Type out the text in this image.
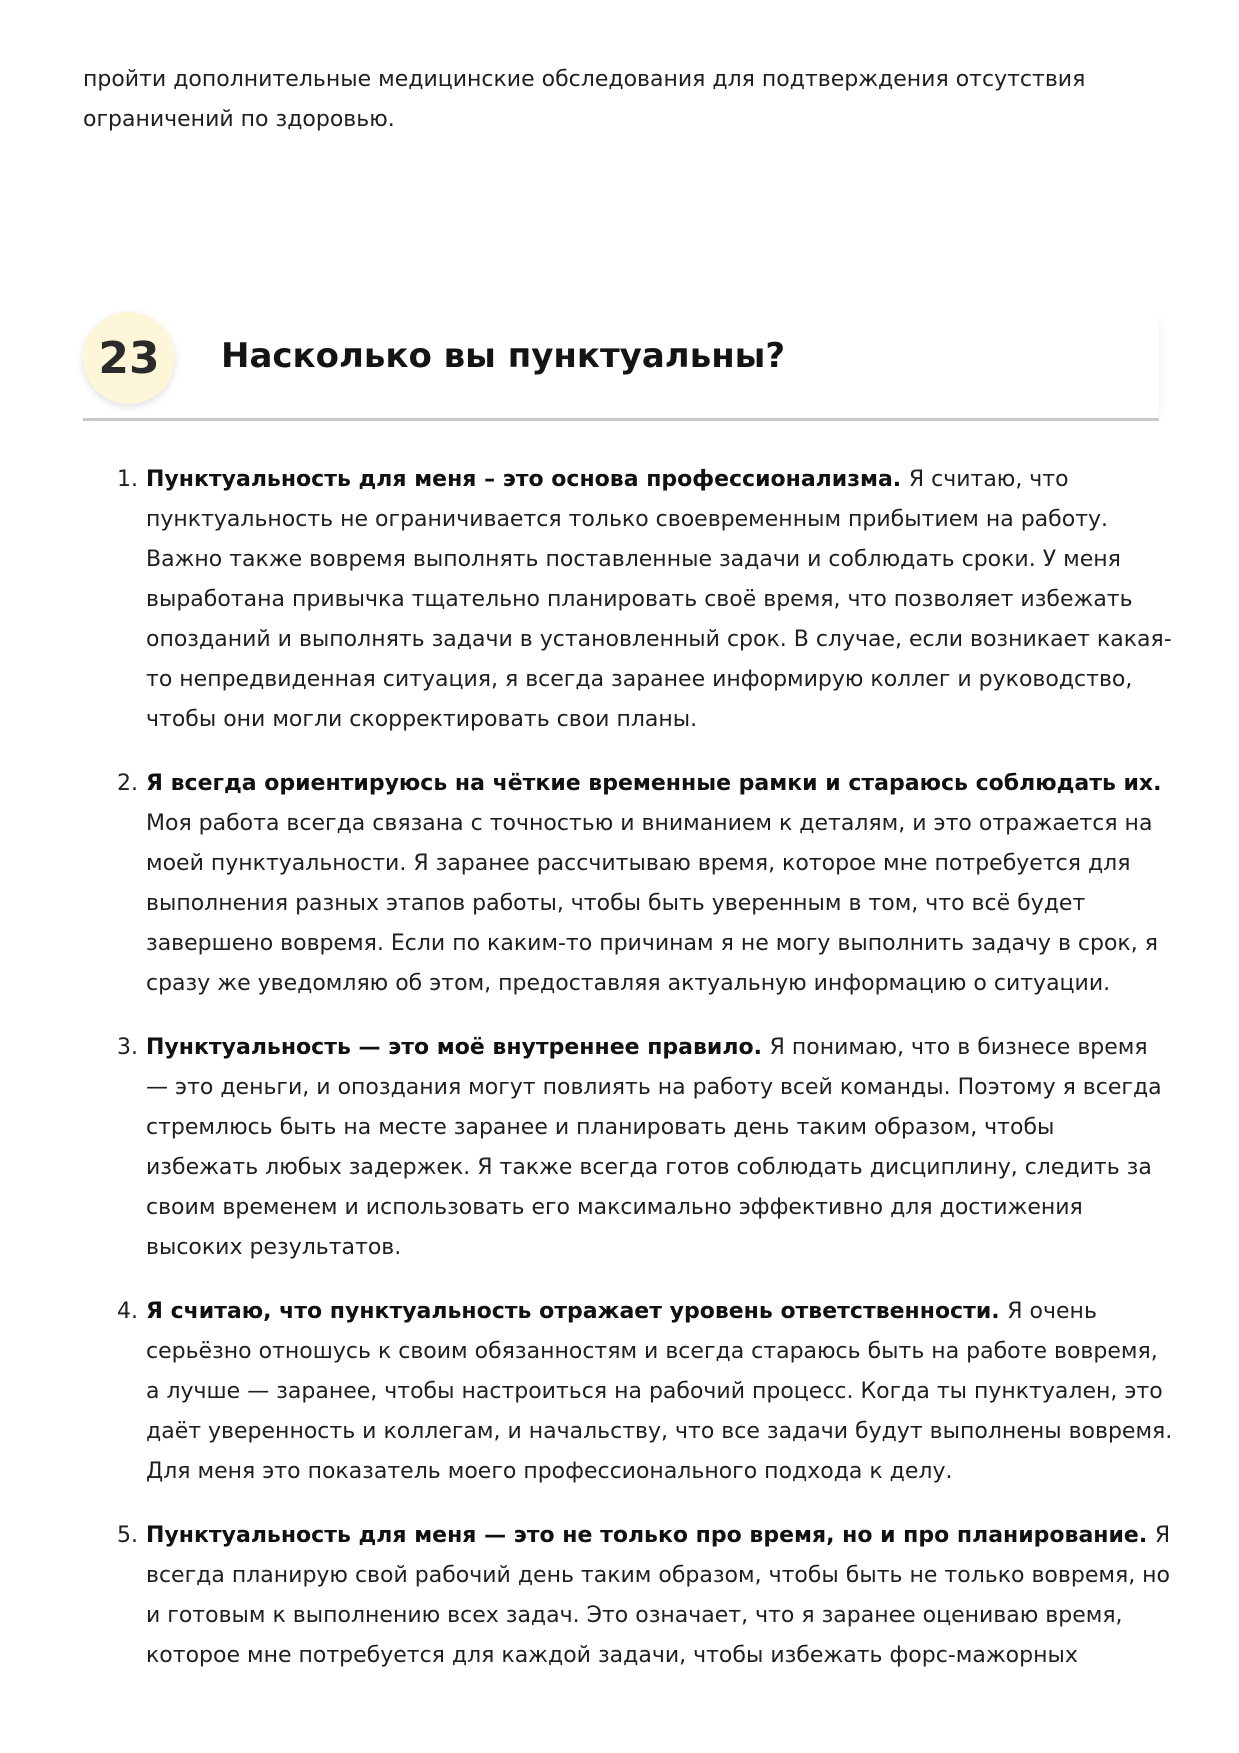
пройти дополнительные медицинские обследования для подтверждения отсутствия ограничений по здоровью.

23	Насколько вы пунктуальны?
1. Пунктуальность для меня – это основа профессионализма. Я считаю, что пунктуальность не ограничивается только своевременным прибытием на работу. Важно также вовремя выполнять поставленные задачи и соблюдать сроки. У меня выработана привычка тщательно планировать своё время, что позволяет избежать опозданий и выполнять задачи в установленный срок. В случае, если возникает какая-то непредвиденная ситуация, я всегда заранее информирую коллег и руководство, чтобы они могли скорректировать свои планы.
2. Я всегда ориентируюсь на чёткие временные рамки и стараюсь соблюдать их. Моя работа всегда связана с точностью и вниманием к деталям, и это отражается на моей пунктуальности. Я заранее рассчитываю время, которое мне потребуется для выполнения разных этапов работы, чтобы быть уверенным в том, что всё будет завершено вовремя. Если по каким-то причинам я не могу выполнить задачу в срок, я сразу же уведомляю об этом, предоставляя актуальную информацию о ситуации.
3. Пунктуальность — это моё внутреннее правило. Я понимаю, что в бизнесе время — это деньги, и опоздания могут повлиять на работу всей команды. Поэтому я всегда стремлюсь быть на месте заранее и планировать день таким образом, чтобы избежать любых задержек. Я также всегда готов соблюдать дисциплину, следить за своим временем и использовать его максимально эффективно для достижения высоких результатов.
4. Я считаю, что пунктуальность отражает уровень ответственности. Я очень серьёзно отношусь к своим обязанностям и всегда стараюсь быть на работе вовремя, а лучше — заранее, чтобы настроиться на рабочий процесс. Когда ты пунктуален, это даёт уверенность и коллегам, и начальству, что все задачи будут выполнены вовремя. Для меня это показатель моего профессионального подхода к делу.
5. Пунктуальность для меня — это не только про время, но и про планирование. Я всегда планирую свой рабочий день таким образом, чтобы быть не только вовремя, но и готовым к выполнению всех задач. Это означает, что я заранее оцениваю время, которое мне потребуется для каждой задачи, чтобы избежать форс-мажорных
